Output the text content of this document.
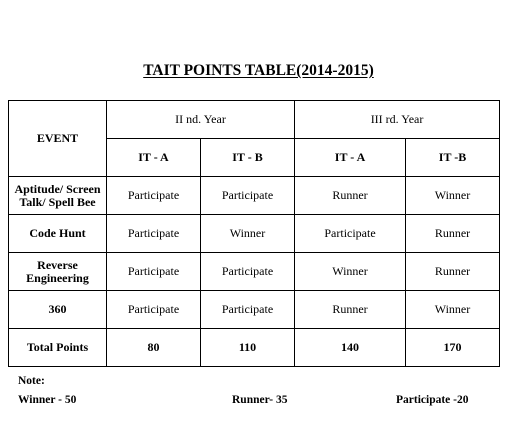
TAIT POINTS TABLE(2014-2015)
EVENT	II nd. Year		III rd. Year	
	IT - A	IT - B	IT - A	IT -B
Aptitude/ Screen Talk/ Spell Bee	Participate	Participate	Runner	Winner
Code Hunt	Participate	Winner	Participate	Runner
Reverse Engineering	Participate	Participate	Winner	Runner
360	Participate	Participate	Runner	Winner
Total Points	80	110	140	170
Note:
Winner - 50	Runner- 35	Participate -20
